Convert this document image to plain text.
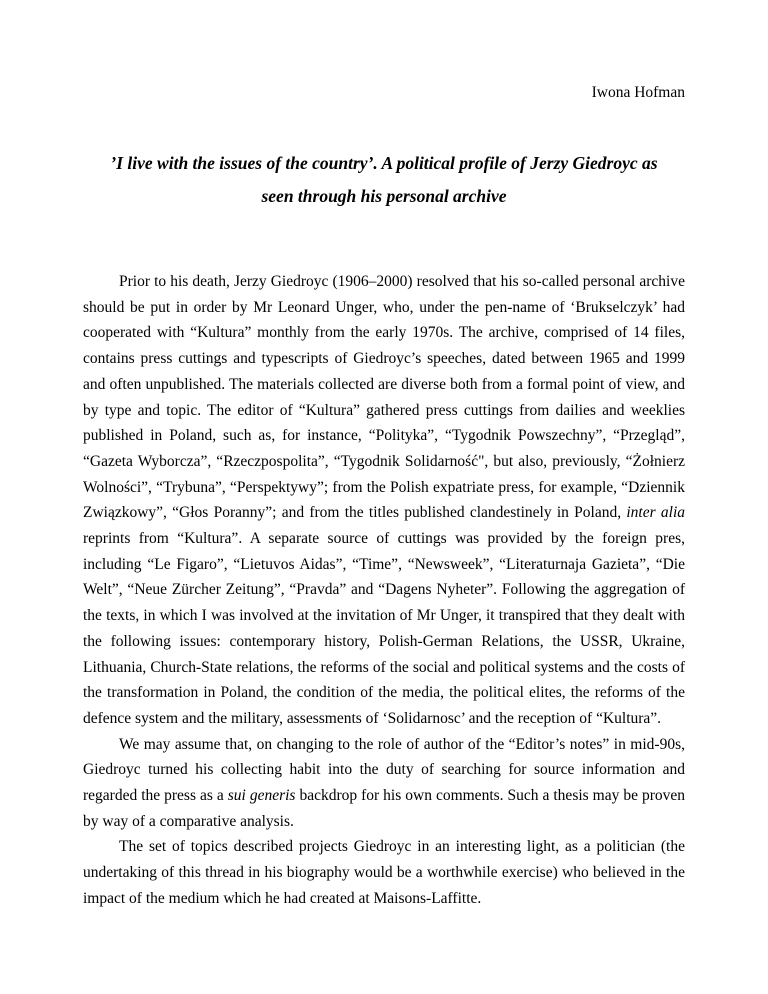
Iwona Hofman
’I live with the issues of the country’. A political profile of Jerzy Giedroyc as
seen through his personal archive

Prior to his death, Jerzy Giedroyc (1906–2000) resolved that his so-called personal archive should be put in order by Mr Leonard Unger, who, under the pen-name of ‘Brukselczyk’ had cooperated with “Kultura” monthly from the early 1970s. The archive, comprised of 14 files, contains press cuttings and typescripts of Giedroyc’s speeches, dated between 1965 and 1999 and often unpublished. The materials collected are diverse both from a formal point of view, and by type and topic. The editor of “Kultura” gathered press cuttings from dailies and weeklies published in Poland, such as, for instance, “Polityka”, “Tygodnik Powszechny”, “Przegląd”, “Gazeta Wyborcza”, “Rzeczpospolita”, “Tygodnik Solidarność", but also, previously, “Żołnierz Wolności”, “Trybuna”, “Perspektywy”; from the Polish expatriate press, for example, “Dziennik Związkowy”, “Głos Poranny”; and from the titles published clandestinely in Poland, inter alia reprints from “Kultura”. A separate source of cuttings was provided by the foreign pres, including “Le Figaro”, “Lietuvos Aidas”, “Time”, “Newsweek”, “Literaturnaja Gazieta”, “Die Welt”, “Neue Zürcher Zeitung”, “Pravda” and “Dagens Nyheter”. Following the aggregation of the texts, in which I was involved at the invitation of Mr Unger, it transpired that they dealt with the following issues: contemporary history, Polish-German Relations, the USSR, Ukraine, Lithuania, Church-State relations, the reforms of the social and political systems and the costs of the transformation in Poland, the condition of the media, the political elites, the reforms of the defence system and the military, assessments of ‘Solidarnosc’ and the reception of “Kultura”.

We may assume that, on changing to the role of author of the “Editor’s notes” in mid-90s, Giedroyc turned his collecting habit into the duty of searching for source information and regarded the press as a sui generis backdrop for his own comments. Such a thesis may be proven by way of a comparative analysis.

The set of topics described projects Giedroyc in an interesting light, as a politician (the undertaking of this thread in his biography would be a worthwhile exercise) who believed in the impact of the medium which he had created at Maisons-Laffitte.
